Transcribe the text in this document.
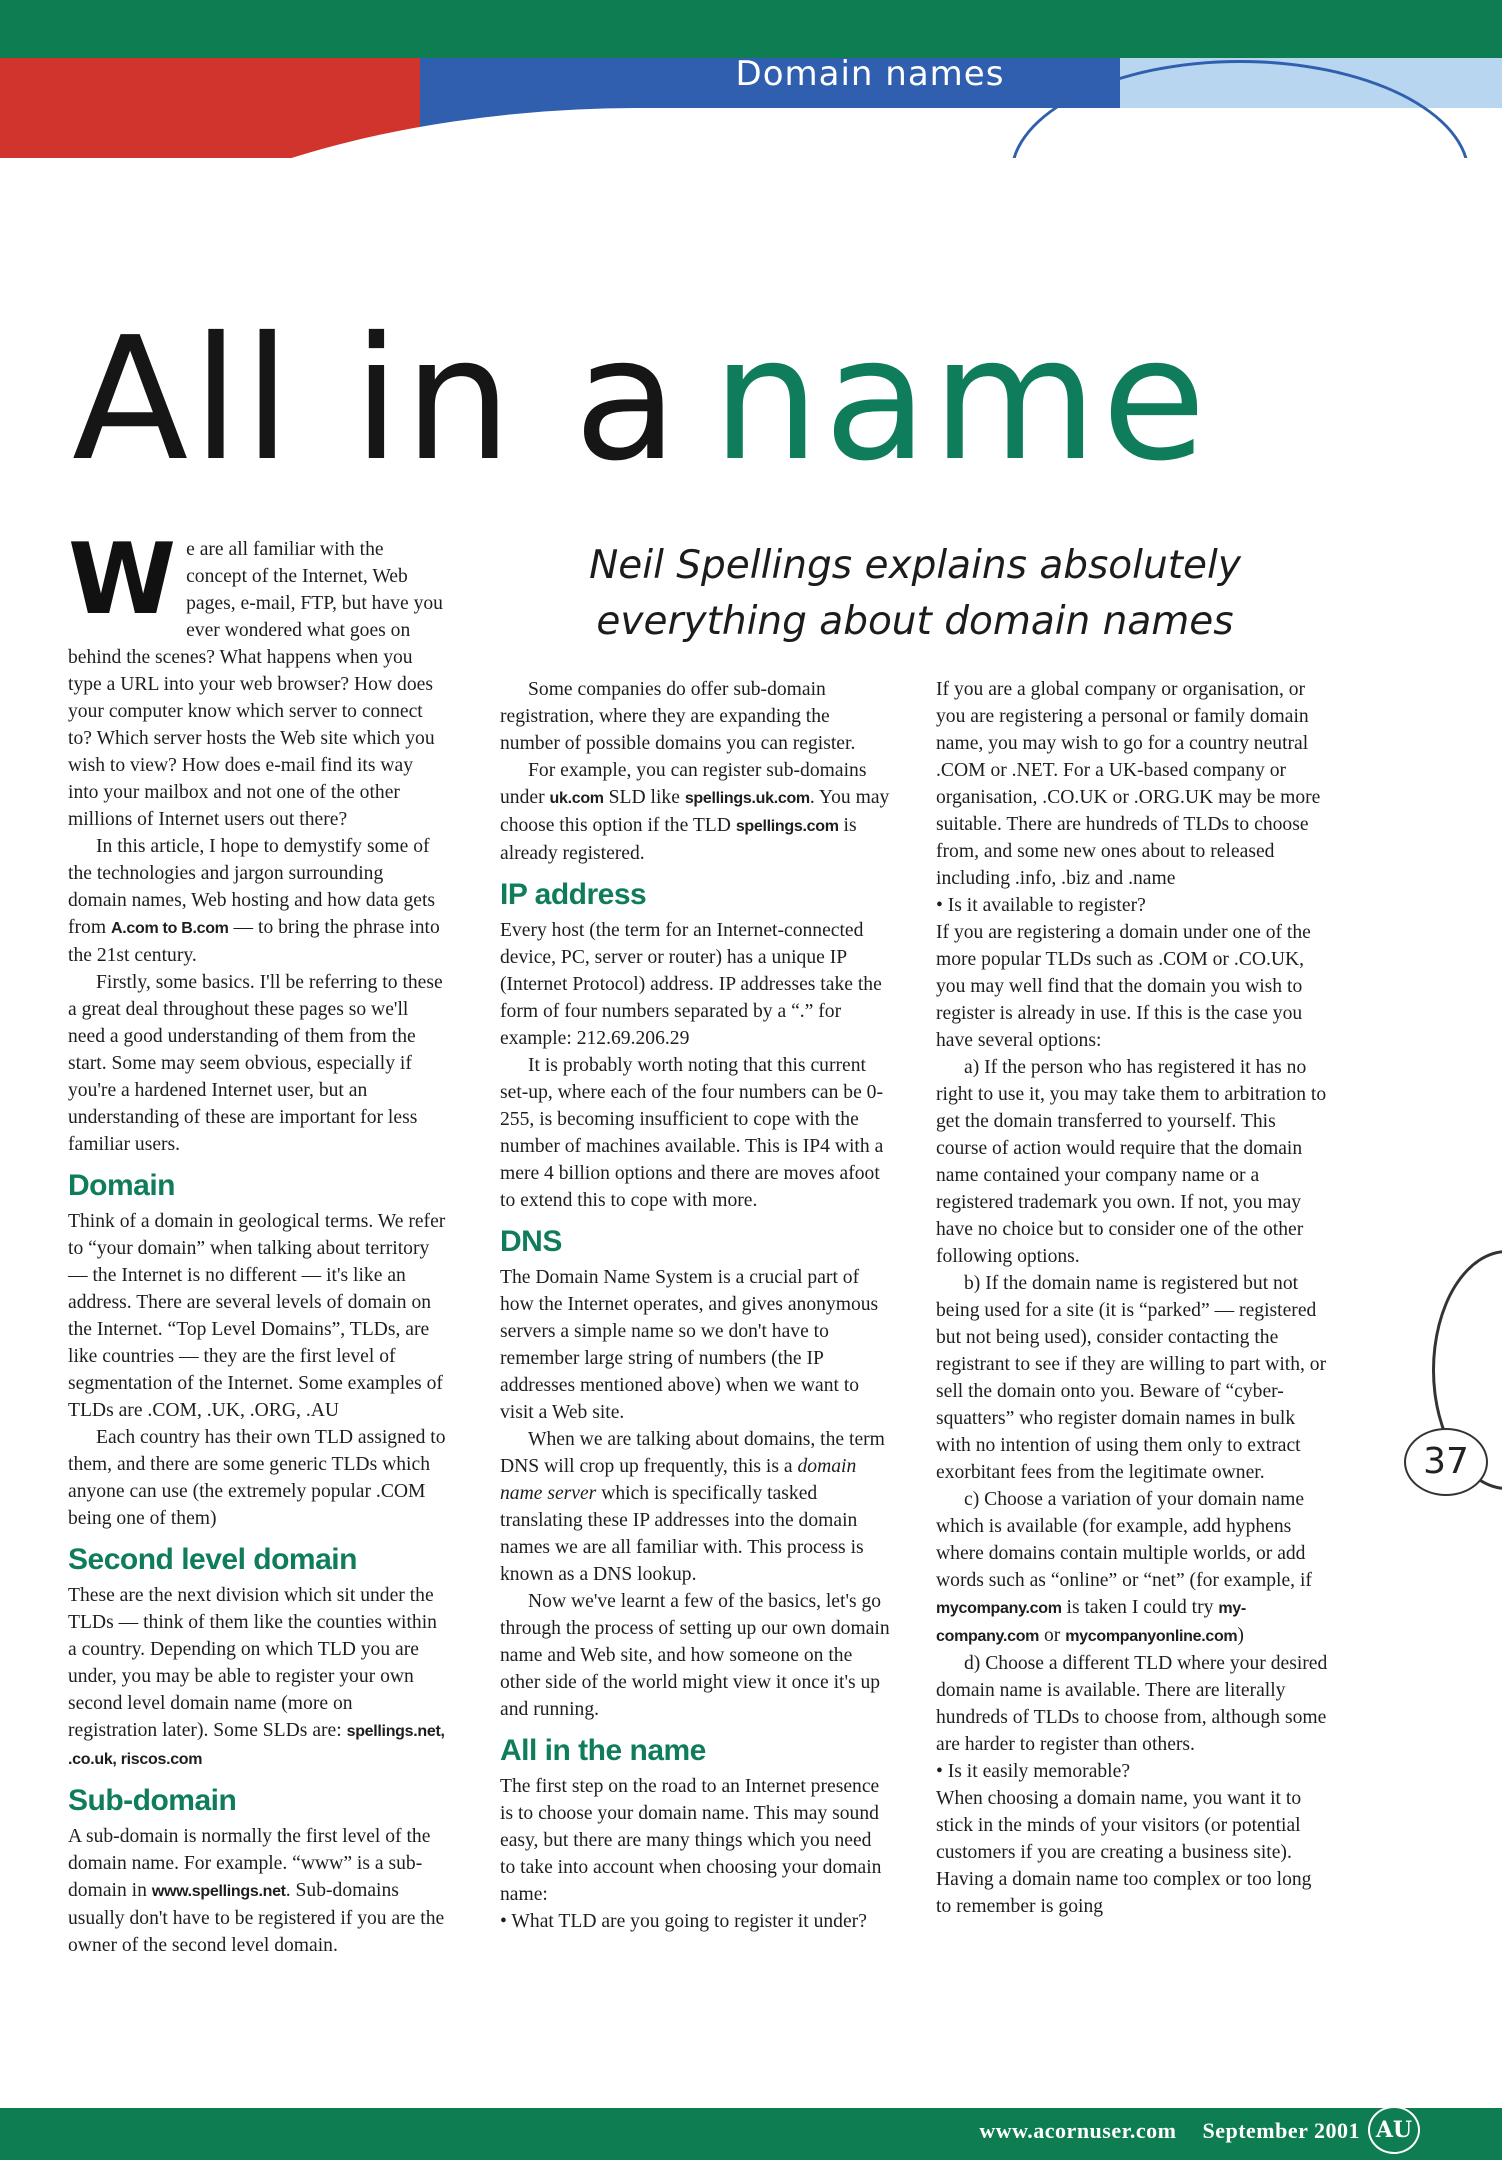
Domain names
All in a name
Neil Spellings explains absolutely everything about domain names

We are all familiar with the concept of the Internet, Web pages, e-mail, FTP, but have you ever wondered what goes on behind the scenes? What happens when you type a URL into your web browser? How does your computer know which server to connect to? Which server hosts the Web site which you wish to view? How does e-mail find its way into your mailbox and not one of the other millions of Internet users out there?

In this article, I hope to demystify some of the technologies and jargon surrounding domain names, Web hosting and how data gets from A.com to B.com — to bring the phrase into the 21st century.

Firstly, some basics. I'll be referring to these a great deal throughout these pages so we'll need a good understanding of them from the start. Some may seem obvious, especially if you're a hardened Internet user, but an understanding of these are important for less familiar users.

Domain

Think of a domain in geological terms. We refer to “your domain” when talking about territory — the Internet is no different — it's like an address. There are several levels of domain on the Internet. “Top Level Domains”, TLDs, are like countries — they are the first level of segmentation of the Internet. Some examples of TLDs are .COM, .UK, .ORG, .AU

Each country has their own TLD assigned to them, and there are some generic TLDs which anyone can use (the extremely popular .COM being one of them)

Second level domain

These are the next division which sit under the TLDs — think of them like the counties within a country. Depending on which TLD you are under, you may be able to register your own second level domain name (more on registration later). Some SLDs are: spellings.net, .co.uk, riscos.com

Sub-domain

A sub-domain is normally the first level of the domain name. For example. “www” is a sub-domain in www.spellings.net. Sub-domains usually don't have to be registered if you are the owner of the second level domain.

Some companies do offer sub-domain registration, where they are expanding the number of possible domains you can register.

For example, you can register sub-domains under uk.com SLD like spellings.uk.com. You may choose this option if the TLD spellings.com is already registered.

IP address

Every host (the term for an Internet-connected device, PC, server or router) has a unique IP (Internet Protocol) address. IP addresses take the form of four numbers separated by a “.” for example: 212.69.206.29

It is probably worth noting that this current set-up, where each of the four numbers can be 0-255, is becoming insufficient to cope with the number of machines available. This is IP4 with a mere 4 billion options and there are moves afoot to extend this to cope with more.

DNS

The Domain Name System is a crucial part of how the Internet operates, and gives anonymous servers a simple name so we don't have to remember large string of numbers (the IP addresses mentioned above) when we want to visit a Web site.

When we are talking about domains, the term DNS will crop up frequently, this is a domain name server which is specifically tasked translating these IP addresses into the domain names we are all familiar with. This process is known as a DNS lookup.

Now we've learnt a few of the basics, let's go through the process of setting up our own domain name and Web site, and how someone on the other side of the world might view it once it's up and running.

All in the name

The first step on the road to an Internet presence is to choose your domain name. This may sound easy, but there are many things which you need to take into account when choosing your domain name:

• What TLD are you going to register it under?

If you are a global company or organisation, or you are registering a personal or family domain name, you may wish to go for a country neutral .COM or .NET. For a UK-based company or organisation, .CO.UK or .ORG.UK may be more suitable. There are hundreds of TLDs to choose from, and some new ones about to released including .info, .biz and .name

• Is it available to register?

If you are registering a domain under one of the more popular TLDs such as .COM or .CO.UK, you may well find that the domain you wish to register is already in use. If this is the case you have several options:

a) If the person who has registered it has no right to use it, you may take them to arbitration to get the domain transferred to yourself. This course of action would require that the domain name contained your company name or a registered trademark you own. If not, you may have no choice but to consider one of the other following options.

b) If the domain name is registered but not being used for a site (it is “parked” — registered but not being used), consider contacting the registrant to see if they are willing to part with, or sell the domain onto you. Beware of “cyber-squatters” who register domain names in bulk with no intention of using them only to extract exorbitant fees from the legitimate owner.

c) Choose a variation of your domain name which is available (for example, add hyphens where domains contain multiple worlds, or add words such as “online” or “net” (for example, if mycompany.com is taken I could try my-company.com or mycompanyonline.com)

d) Choose a different TLD where your desired domain name is available. There are literally hundreds of TLDs to choose from, although some are harder to register than others.

• Is it easily memorable?

When choosing a domain name, you want it to stick in the minds of your visitors (or potential customers if you are creating a business site). Having a domain name too complex or too long to remember is going

37
www.acornuser.com September 2001 AU
